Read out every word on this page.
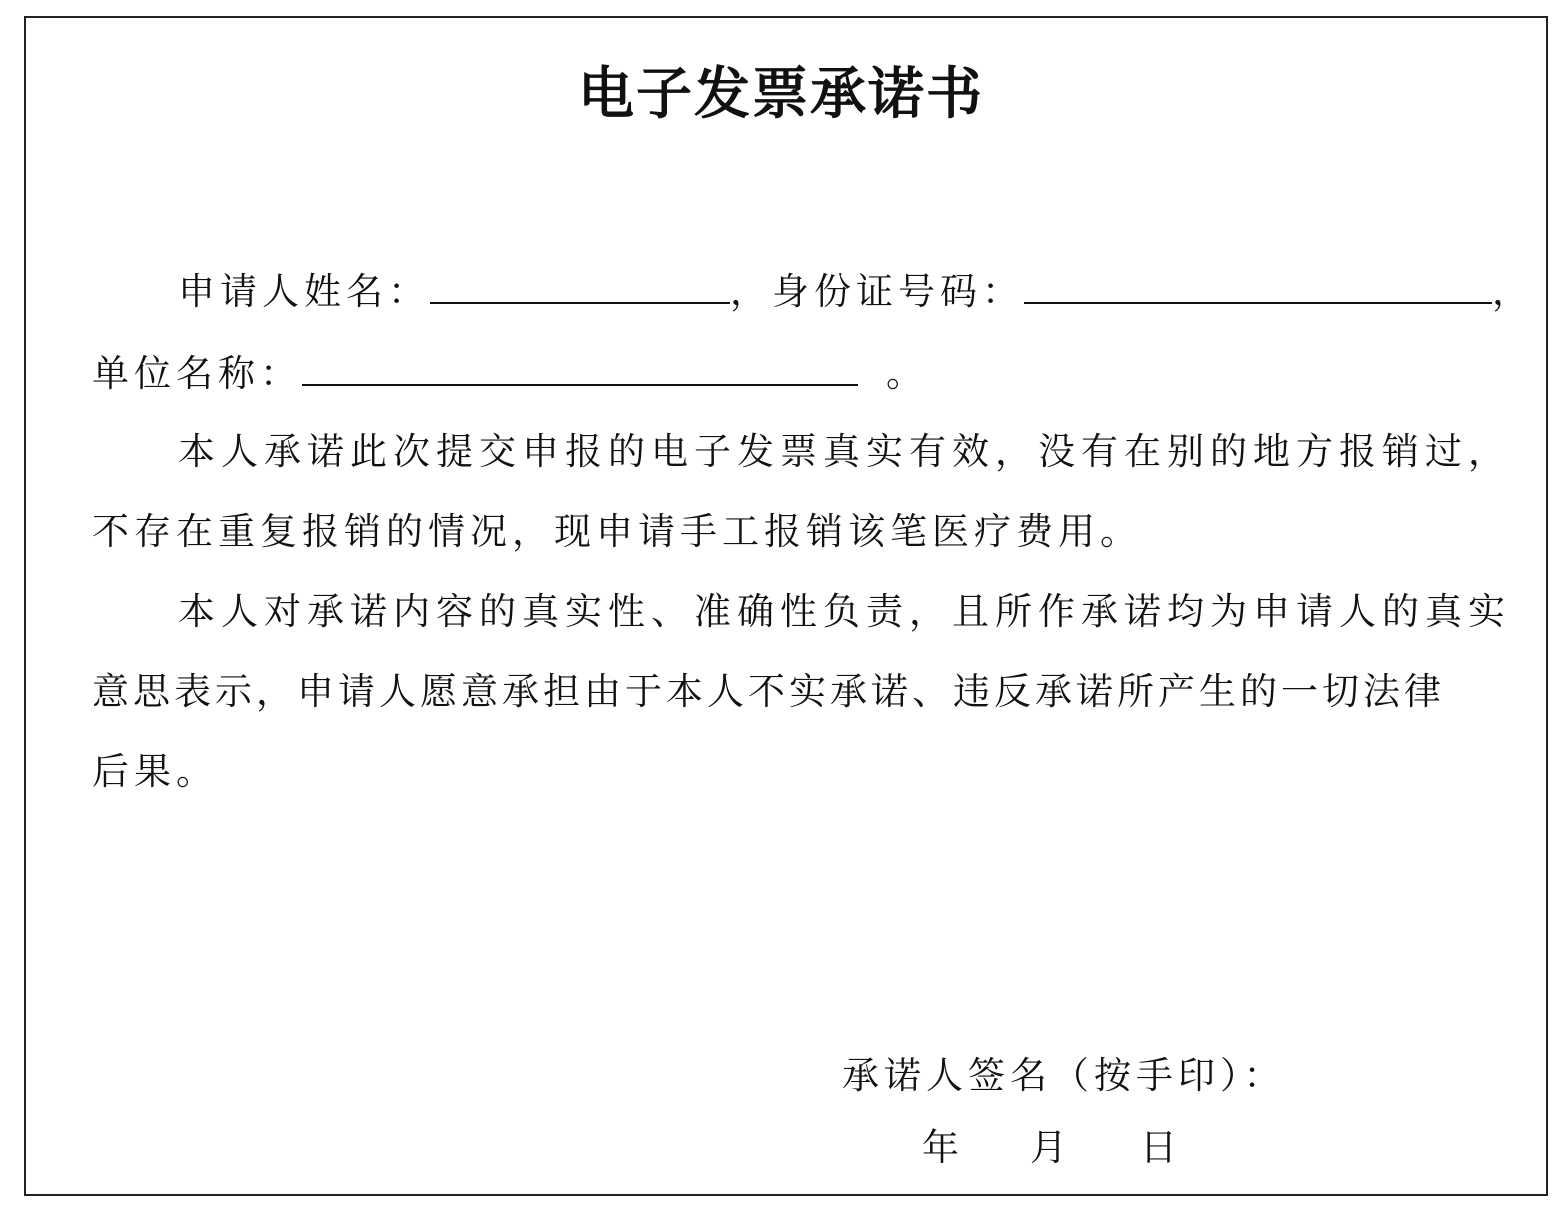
电子发票承诺书
申请人姓名：	，身份证号码：	，
单位名称：	。
本人承诺此次提交申报的电子发票真实有效，没有在别的地方报销过，
不存在重复报销的情况，现申请手工报销该笔医疗费用。
本人对承诺内容的真实性、准确性负责，且所作承诺均为申请人的真实
意思表示，申请人愿意承担由于本人不实承诺、违反承诺所产生的一切法律
后果。
承诺人签名（按手印）：
年 月 日
